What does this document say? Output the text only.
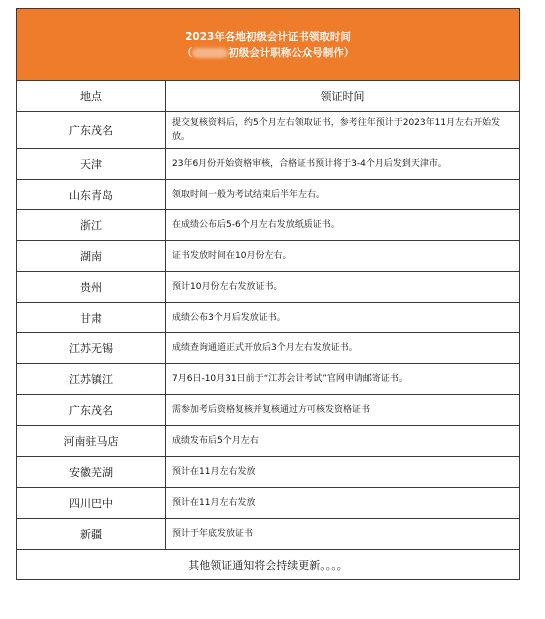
2023年各地初级会计证书领取时间
（ 初级会计职称公众号制作）	

地点	领证时间
广东茂名	提交复核资料后，约5个月左右领取证书，参考往年预计于2023年11月左右开始发放。
天津	23年6月份开始资格审核，合格证书预计将于3-4个月后发到天津市。
山东青岛	领取时间一般为考试结束后半年左右。
浙江	在成绩公布后5-6个月左右发放纸质证书。
湖南	证书发放时间在10月份左右。
贵州	预计10月份左右发放证书。
甘肃	成绩公布3个月后发放证书。
江苏无锡	成绩查询通道正式开放后3个月左右发放证书。
江苏镇江	7月6日-10月31日前于“江苏会计考试”官网申请邮寄证书。
广东茂名	需参加考后资格复核并复核通过方可核发资格证书
河南驻马店	成绩发布后5个月左右
安徽芜湖	预计在11月左右发放
四川巴中	预计在11月左右发放
新疆	预计于年底发放证书
其他领证通知将会持续更新。。。。	
